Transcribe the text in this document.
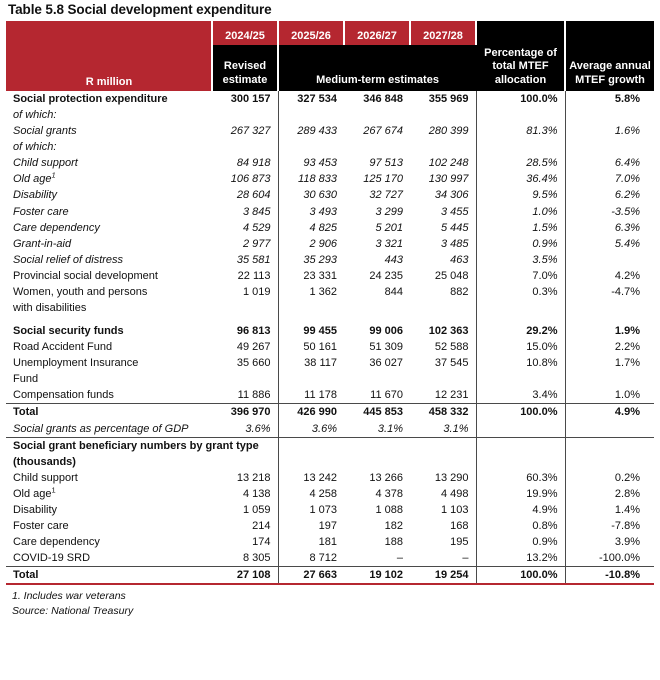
Table 5.8 Social development expenditure
R million	2024/25	2025/26	2026/27	2027/28	Percentage of total MTEF allocation	Average annual MTEF growth
	Revised estimate	Medium-term estimates				
Social protection expenditure	300 157	327 534	346 848	355 969	100.0%	5.8%
of which:						
Social grants	267 327	289 433	267 674	280 399	81.3%	1.6%
of which:						
Child support	84 918	93 453	97 513	102 248	28.5%	6.4%
Old age$^1$	106 873	118 833	125 170	130 997	36.4%	7.0%
Disability	28 604	30 630	32 727	34 306	9.5%	6.2%
Foster care	3 845	3 493	3 299	3 455	1.0%	-3.5%
Care dependency	4 529	4 825	5 201	5 445	1.5%	6.3%
Grant-in-aid	2 977	2 906	3 321	3 485	0.9%	5.4%
Social relief of distress	35 581	35 293	443	463	3.5%	
Provincial social development	22 113	23 331	24 235	25 048	7.0%	4.2%
Women, youth and persons	1 019	1 362	844	882	0.3%	-4.7%
with disabilities						

Social security funds	96 813	99 455	99 006	102 363	29.2%	1.9%
Road Accident Fund	49 267	50 161	51 309	52 588	15.0%	2.2%
Unemployment Insurance	35 660	38 117	36 027	37 545	10.8%	1.7%
Fund						
Compensation funds	11 886	11 178	11 670	12 231	3.4%	1.0%
Total	396 970	426 990	445 853	458 332	100.0%	4.9%
Social grants as percentage of GDP	3.6%	3.6%	3.1%	3.1%		
Social grant beneficiary numbers by grant type						
(thousands)						
Child support	13 218	13 242	13 266	13 290	60.3%	0.2%
Old age$^1$	4 138	4 258	4 378	4 498	19.9%	2.8%
Disability	1 059	1 073	1 088	1 103	4.9%	1.4%
Foster care	214	197	182	168	0.8%	-7.8%
Care dependency	174	181	188	195	0.9%	3.9%
COVID-19 SRD	8 305	8 712	–	–	13.2%	-100.0%
Total	27 108	27 663	19 102	19 254	100.0%	-10.8%
1. Includes war veterans
Source: National Treasury
